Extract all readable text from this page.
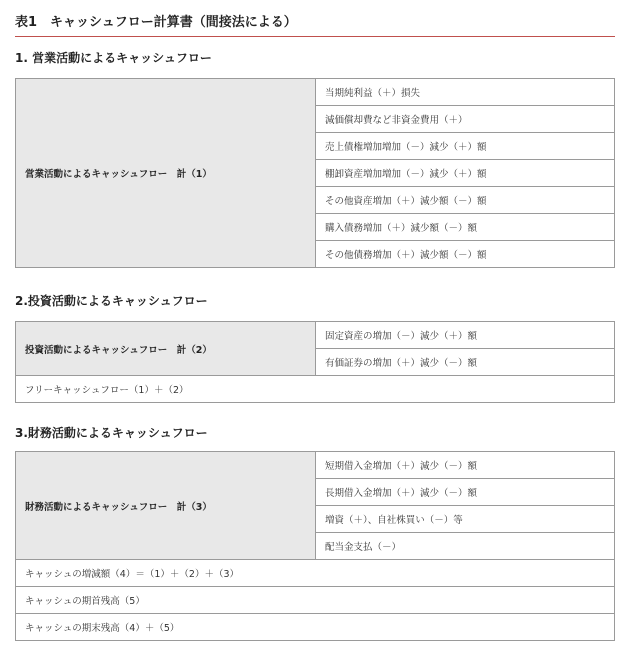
表1　キャッシュフロー計算書（間接法による）
1. 営業活動によるキャッシュフロー
営業活動によるキャッシュフロー　計（1）	当期純利益（＋）損失
減価償却費など非資金費用（＋）
売上債権増加増加（－）減少（＋）額
棚卸資産増加増加（－）減少（＋）額
その他資産増加（＋）減少額（－）額
購入債務増加（＋）減少額（－）額
その他債務増加（＋）減少額（－）額
2.投資活動によるキャッシュフロー
投資活動によるキャッシュフロー　計（2）	固定資産の増加（－）減少（＋）額
有価証券の増加（＋）減少（－）額
フリーキャッシュフロー（1）＋（2）
3.財務活動によるキャッシュフロー
財務活動によるキャッシュフロー　計（3）	短期借入金増加（＋）減少（－）額
長期借入金増加（＋）減少（－）額
増資（＋）、自社株買い（－）等
配当金支払（－）
キャッシュの増減額（4）＝（1）＋（2）＋（3）
キャッシュの期首残高（5）
キャッシュの期末残高（4）＋（5）
